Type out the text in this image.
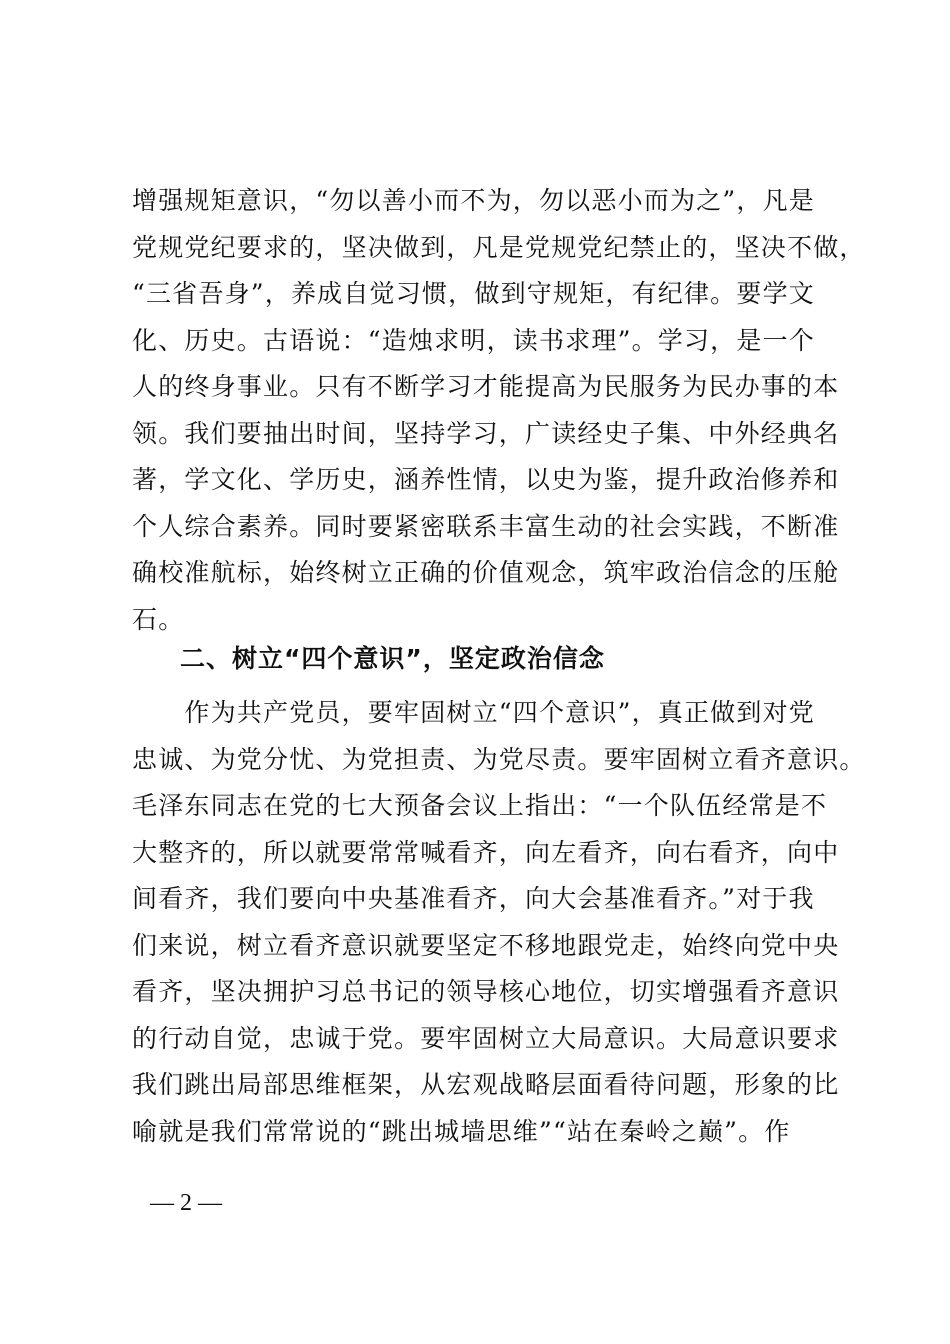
增强规矩意识，“勿以善小而不为，勿以恶小而为之”，凡是
党规党纪要求的，坚决做到，凡是党规党纪禁止的，坚决不做，
“三省吾身”，养成自觉习惯，做到守规矩，有纪律。要学文
化、历史。古语说：“造烛求明，读书求理”。学习，是一个
人的终身事业。只有不断学习才能提高为民服务为民办事的本
领。我们要抽出时间，坚持学习，广读经史子集、中外经典名
著，学文化、学历史，涵养性情，以史为鉴，提升政治修养和
个人综合素养。同时要紧密联系丰富生动的社会实践，不断准
确校准航标，始终树立正确的价值观念，筑牢政治信念的压舱
石。
二、树立“四个意识”，坚定政治信念
　　作为共产党员，要牢固树立“四个意识”，真正做到对党
忠诚、为党分忧、为党担责、为党尽责。要牢固树立看齐意识。
毛泽东同志在党的七大预备会议上指出：“一个队伍经常是不
大整齐的，所以就要常常喊看齐，向左看齐，向右看齐，向中
间看齐，我们要向中央基准看齐，向大会基准看齐。”对于我
们来说，树立看齐意识就要坚定不移地跟党走，始终向党中央
看齐，坚决拥护习总书记的领导核心地位，切实增强看齐意识
的行动自觉，忠诚于党。要牢固树立大局意识。大局意识要求
我们跳出局部思维框架，从宏观战略层面看待问题，形象的比
喻就是我们常常说的“跳出城墙思维”“站在秦岭之巅”。作
— 2 —
